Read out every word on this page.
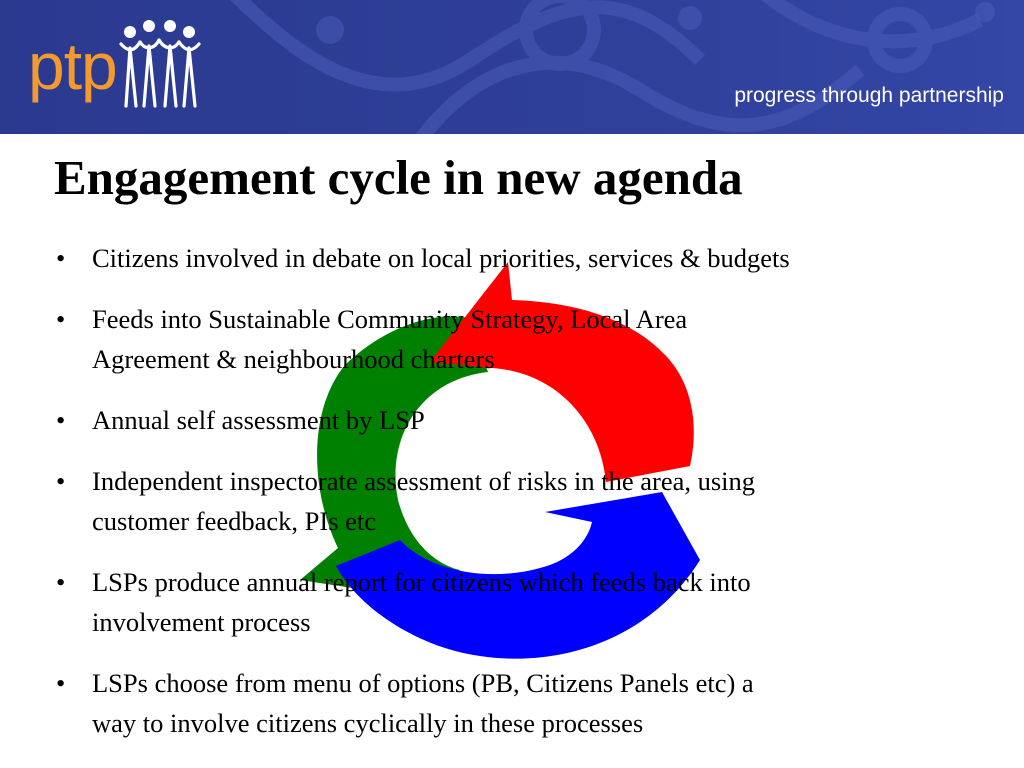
ptp	progress through partnership
Engagement cycle in new agenda
• Citizens involved in debate on local priorities, services & budgets
• Feeds into Sustainable Community Strategy, Local Area
Agreement & neighbourhood charters
• Annual self assessment by LSP
• Independent inspectorate assessment of risks in the area, using
customer feedback, PIs etc
• LSPs produce annual report for citizens which feeds back into
involvement process
• LSPs choose from menu of options (PB, Citizens Panels etc) a
way to involve citizens cyclically in these processes
